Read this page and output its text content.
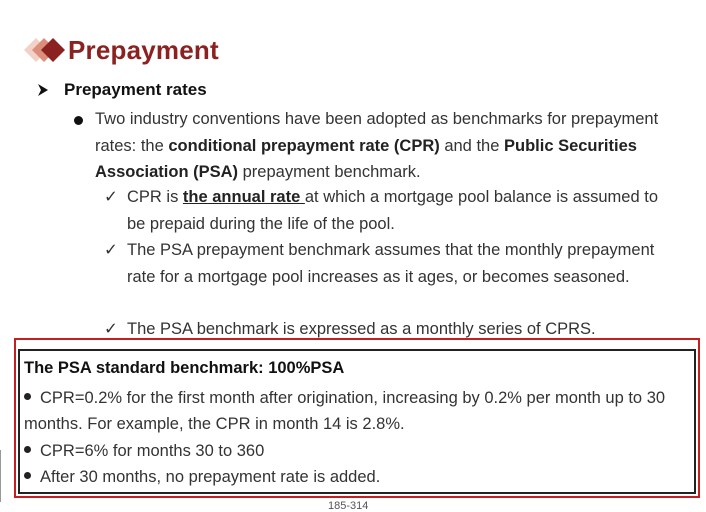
Prepayment
Prepayment rates
Two industry conventions have been adopted as benchmarks for prepayment rates: the conditional prepayment rate (CPR) and the Public Securities Association (PSA) prepayment benchmark.
✓ CPR is the annual rate at which a mortgage pool balance is assumed to be prepaid during the life of the pool.
✓ The PSA prepayment benchmark assumes that the monthly prepayment rate for a mortgage pool increases as it ages, or becomes seasoned.
✓ The PSA benchmark is expressed as a monthly series of CPRS.
The PSA standard benchmark: 100%PSA
CPR=0.2% for the first month after origination, increasing by 0.2% per month up to 30 months. For example, the CPR in month 14 is 2.8%.
CPR=6% for months 30 to 360
After 30 months, no prepayment rate is added.
185-314
